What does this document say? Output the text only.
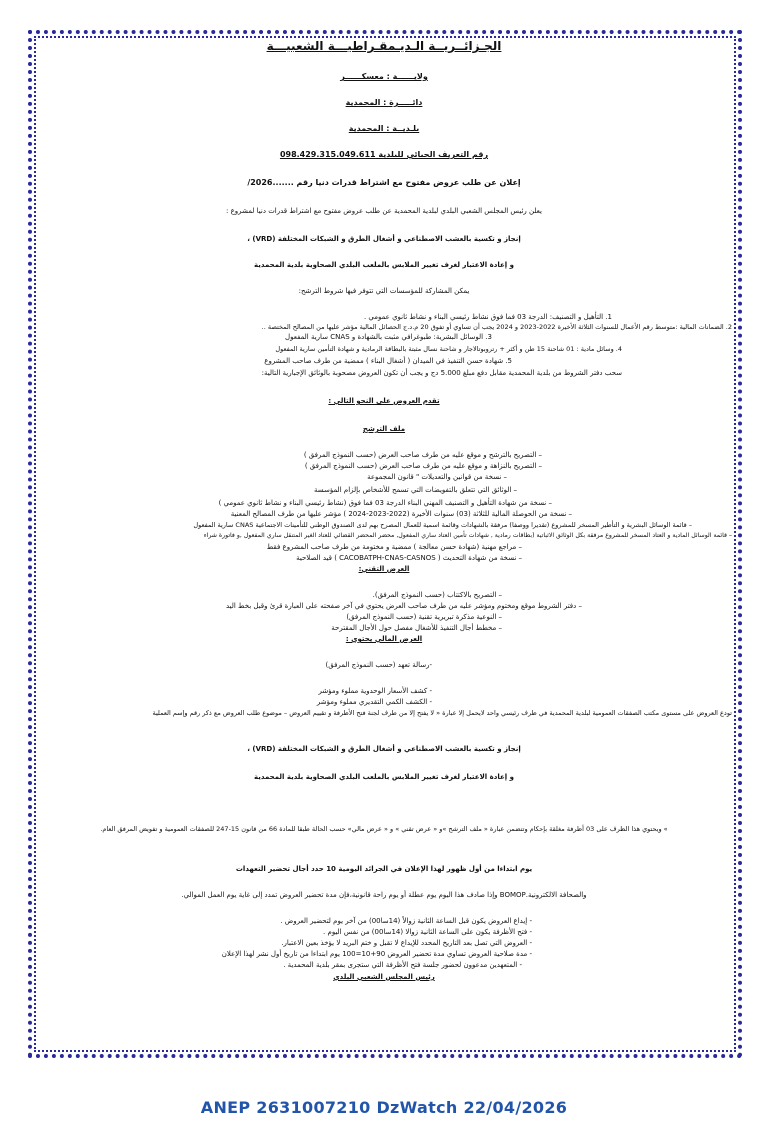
الجـزائــريــة الـديـمقـراطيـــة الشعبيـــة
ولايــــــة : معسكــــــر
دائـــــرة : المحمدية
بلـديــة : المحمدية
رقم التعريف الجبائي للبلدية 098.429.315.049.611
إعلان عن طلب عروض مفتوح مع اشتراط قدرات دنيا رقم .......2026/
يعلن رئيس المجلس الشعبي البلدي لبلدية المحمدية عن طلب عروض مفتوح مع اشتراط قدرات دنيا لمشروع :
إنجاز و تكسية بالعشب الاصطناعي و أشغال الطرق و الشبكات المختلفة (VRD) ،
و إعادة الاعتبار لغرف تغيير الملابس بالملعب البلدي الصحاوية بلدية المحمدية
يمكن المشاركة للمؤسسات التي تتوفر فيها شروط الترشح:
1. التأهيل و التصنيف: الدرجة 03 فما فوق نشاط رئيسي البناء و نشاط ثانوي عمومي .
2. الضمانات المالية :متوسط رقم الأعمال للسنوات الثلاثة الأخيرة 2022-2023 و 2024 يجب أن تساوي أو تفوق 20 م.د.ج الحصائل المالية مؤشر عليها من المصالح المختصة ..
3. الوسائل البشرية: طبوغرافي مثبت بالشهادة و CNAS سارية المفعول
4. وسائل مادية : 01 شاحنة 15 طن و أكثر + رتروبوتالاجار و شاحنة نسال مثبتة بالبطاقة الرمادية و شهادة التأمين سارية المفعول
5. شهادة حسن التنفيذ في الميدان ( أشغال البناء ) ممضية من طرف صاحب المشروع
سحب دفتر الشروط من بلدية المحمدية مقابل دفع مبلغ 5.000 دج و يجب أن تكون العروض مصحوبة بالوثائق الإجبارية التالية:
تقدم العروض على النحو التالي :
ملف الترشح
– التصريح بالترشح و موقع عليه من طرف صاحب العرض (حسب النموذج المرفق )
– التصريح بالنزاهة و موقع عليه من طرف صاحب العرض (حسب النموذج المرفق )
– نسخة من قوانين والتعديلات " قانون المجموعة
– الوثائق التي تتعلق بالتفويضات التي تسمح للأشخاص بإلزام المؤسسة
– نسخة من شهادة التأهيل و التصنيف المهني البناء الدرجة 03 فما فوق (نشاط رئيسي البناء و نشاط ثانوي عمومي )
– نسخة من الحوصلة المالية للثلاثة (03) سنوات الأخيرة (2022-2023-2024 ) مؤشر عليها من طرف المصالح المعنية
– قائمة الوسائل البشرية و التأطير المسخر للمشروع (تقديرا ووصفا) مرفقة بالشهادات وقائمة اسمية للعمال المصرح بهم لدى الصندوق الوطني للتأمينات الاجتماعية CNAS سارية المفعول
– قائمة الوسائل المادية و العتاد المسخر للمشروع مرفقة بكل الوثائق الاثباتية (بطاقات رمادية , شهادات تأمين العتاد ساري المفعول, محضر المحضر القضائي للعتاد الغير المتنقل ساري المفعول ,و فاتورة شراء
– مراجع مهنية (شهادة حسن معالجة ) ممضية و مختومة من طرف صاحب المشروع فقط
– نسخة من شهادة التحديث ( CACOBATPH-CNAS-CASNOS ) قيد الصلاحية
العرض التقني:
– التصريح بالاكتتاب (حسب النموذج المرفق).
– دفتر الشروط موقع ومختوم ومؤشر عليه من طرف صاحب العرض يحتوي في آخر صفحته على العبارة قرئ وقبل بخط اليد
– النوعية مذكرة تبريرية تقنية (حسب النموذج المرفق)
– مخطط أجال التنفيذ للأشغال مفصل حول الأجال المقترحة
العرض المالي يحتوي :
-رسالة تعهد (حسب النموذج المرفق)
- كشف الأسعار الوحدوية مملوء ومؤشر
- الكشف الكمي التقديري مملوء ومؤشر
تودع العروض على مستوى مكتب الصفقات العمومية لبلدية المحمدية في ظرف رئيسي واحد لايحمل إلا عبارة « لا يفتح إلا من طرف لجنة فتح الأظرفة و تقييم العروض – موضوع طلب العروض مع ذكر رقم وإسم العملية
إنجاز و تكسية بالعشب الاصطناعي و أشغال الطرق و الشبكات المختلفة (VRD) ،
و إعادة الاعتبار لغرف تغيير الملابس بالملعب البلدي الصحاوية بلدية المحمدية
» ويحتوي هذا الظرف على 03 أظرفة مغلقة بإحكام وتتضمن عبارة « ملف الترشح »و « عرض تقني » و « عرض مالي» حسب الحالة طبقا للمادة 66 من قانون 15-247 للصفقات العمومية و تفويض المرفق العام.
يوم ابتداءا من أول ظهور لهذا الإعلان في الجرائد اليومية 10 حدد أجال تحضير التعهدات
والصحافة الالكترونية.BOMOP وإذا صادف هذا اليوم يوم عطلة أو يوم راحة قانونية،فإن مدة تحضير العروض تمدد إلى غاية يوم العمل الموالي.
- إيداع العروض يكون قبل الساعة الثانية زوالاً (14سا00) من آخر يوم لتحضير العروض .
- فتح الأظرفة يكون على الساعة الثانية زوالا (14سا00) من نفس اليوم .
- العروض التي تصل بعد التاريخ المحدد للإيداع لا تقبل و ختم البريد لا يؤخذ بعين الاعتبار.
- مدة صلاحية العروض تساوي مدة تحضير العروض 90+10=100 يوم ابتداءا من تاريخ أول نشر لهذا الإعلان
- المتعهدين مدعوون لحضور جلسة فتح الأظرفة التي ستجرى بمقر بلدية المحمدية .
رئيس المجلس الشعبي البلدي
ANEP 2631007210 DzWatch 22/04/2026
